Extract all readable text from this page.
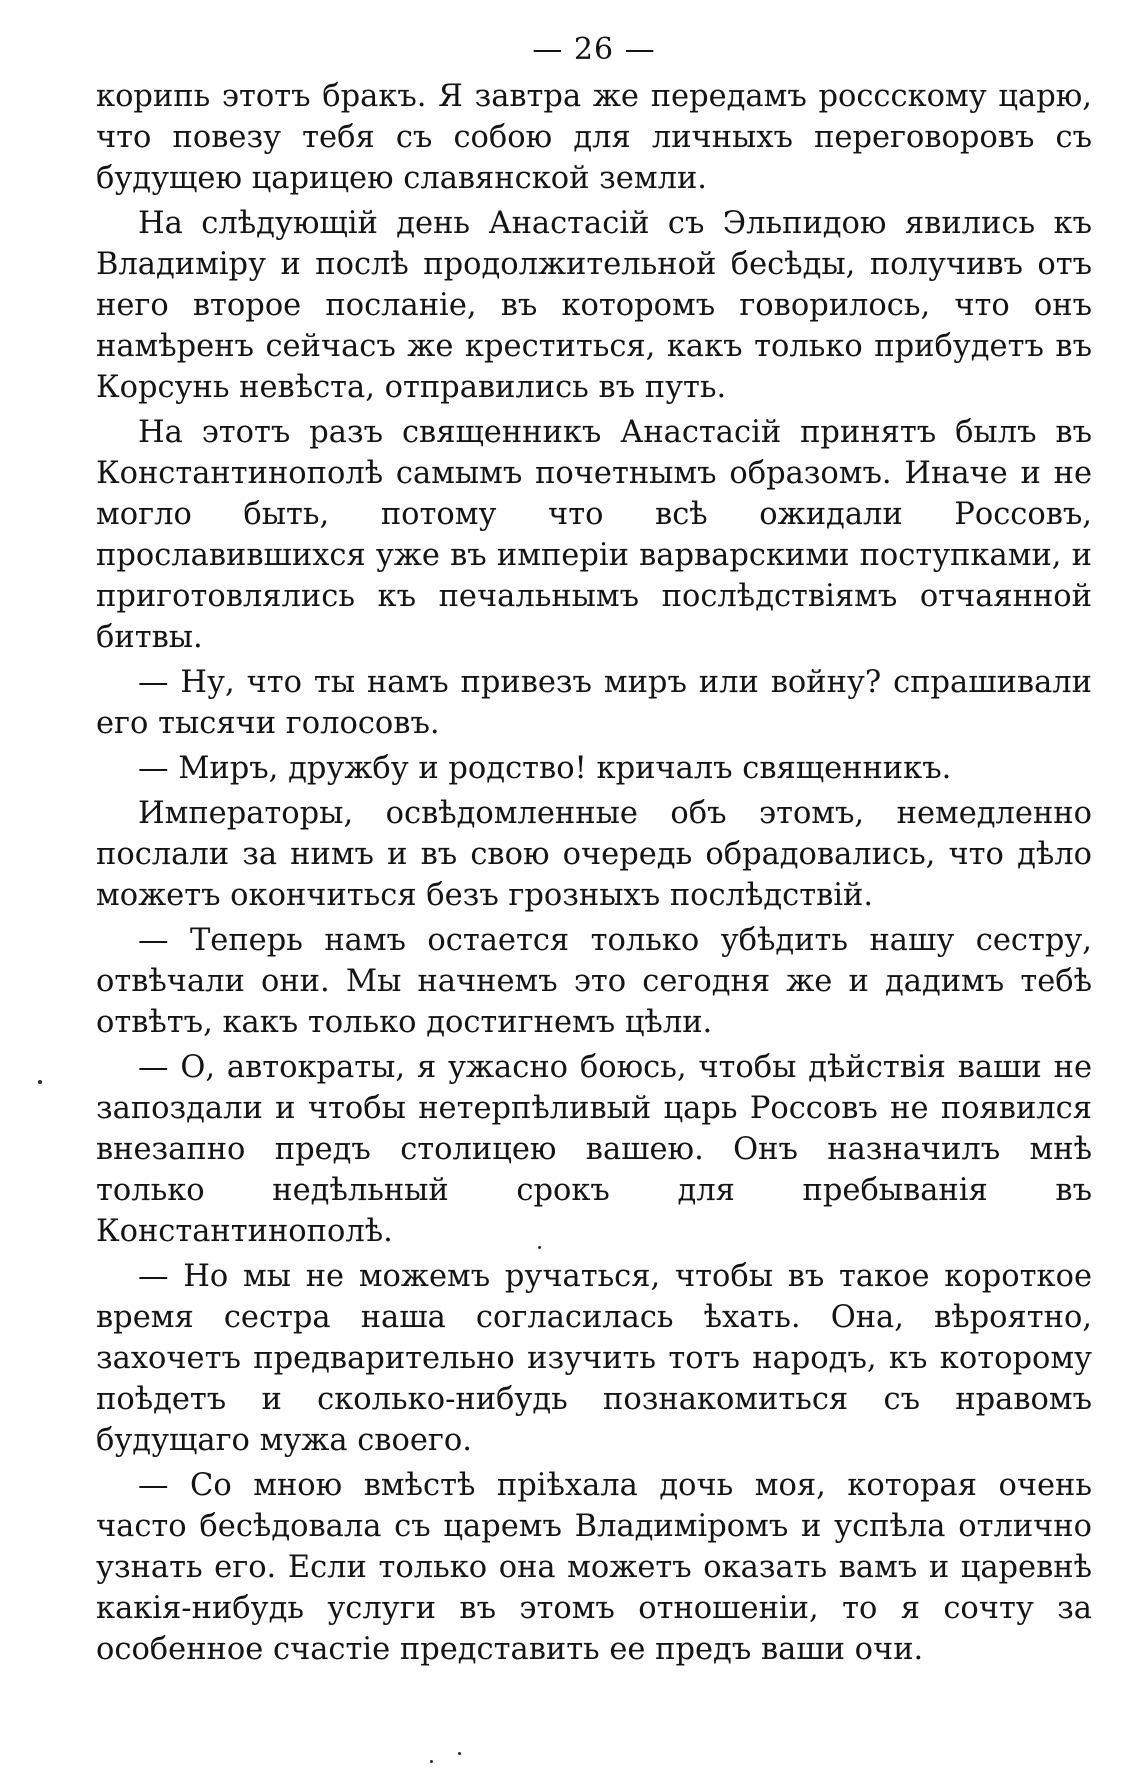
— 26 —

корипь этотъ бракъ. Я завтра же передамъ россскому царю, что повезу тебя съ собою для личныхъ переговоровъ съ будущею царицею славянской земли.

На слѣдующій день Анастасій съ Эльпидою явились къ Владиміру и послѣ продолжительной бесѣды, получивъ отъ него второе посланіе, въ которомъ говорилось, что онъ намѣренъ сейчасъ же креститься, какъ только прибудетъ въ Корсунь невѣста, отправились въ путь.

На этотъ разъ священникъ Анастасій принятъ былъ въ Константинополѣ самымъ почетнымъ образомъ. Иначе и не могло быть, потому что всѣ ожидали Россовъ, прославившихся уже въ имперіи варварскими поступками, и приготовлялись къ печальнымъ послѣдствіямъ отчаянной битвы.

— Ну, что ты намъ привезъ миръ или войну? спрашивали его тысячи голосовъ.

— Миръ, дружбу и родство! кричалъ священникъ.

Императоры, освѣдомленные объ этомъ, немедленно послали за нимъ и въ свою очередь обрадовались, что дѣло можетъ окончиться безъ грозныхъ послѣдствій.

— Теперь намъ остается только убѣдить нашу сестру, отвѣчали они. Мы начнемъ это сегодня же и дадимъ тебѣ отвѣтъ, какъ только достигнемъ цѣли.

— О, автократы, я ужасно боюсь, чтобы дѣйствія ваши не запоздали и чтобы нетерпѣливый царь Россовъ не появился внезапно предъ столицею вашею. Онъ назначилъ мнѣ только недѣльный срокъ для пребыванія въ Константинополѣ.

— Но мы не можемъ ручаться, чтобы въ такое короткое время сестра наша согласилась ѣхать. Она, вѣроятно, захочетъ предварительно изучить тотъ народъ, къ которому поѣдетъ и сколько-нибудь познакомиться съ нравомъ будущаго мужа своего.

— Со мною вмѣстѣ пріѣхала дочь моя, которая очень часто бесѣдовала съ царемъ Владиміромъ и успѣла отлично узнать его. Если только она можетъ оказать вамъ и царевнѣ какія-нибудь услуги въ этомъ отношеніи, то я сочту за особенное счастіе представить ее предъ ваши очи.
